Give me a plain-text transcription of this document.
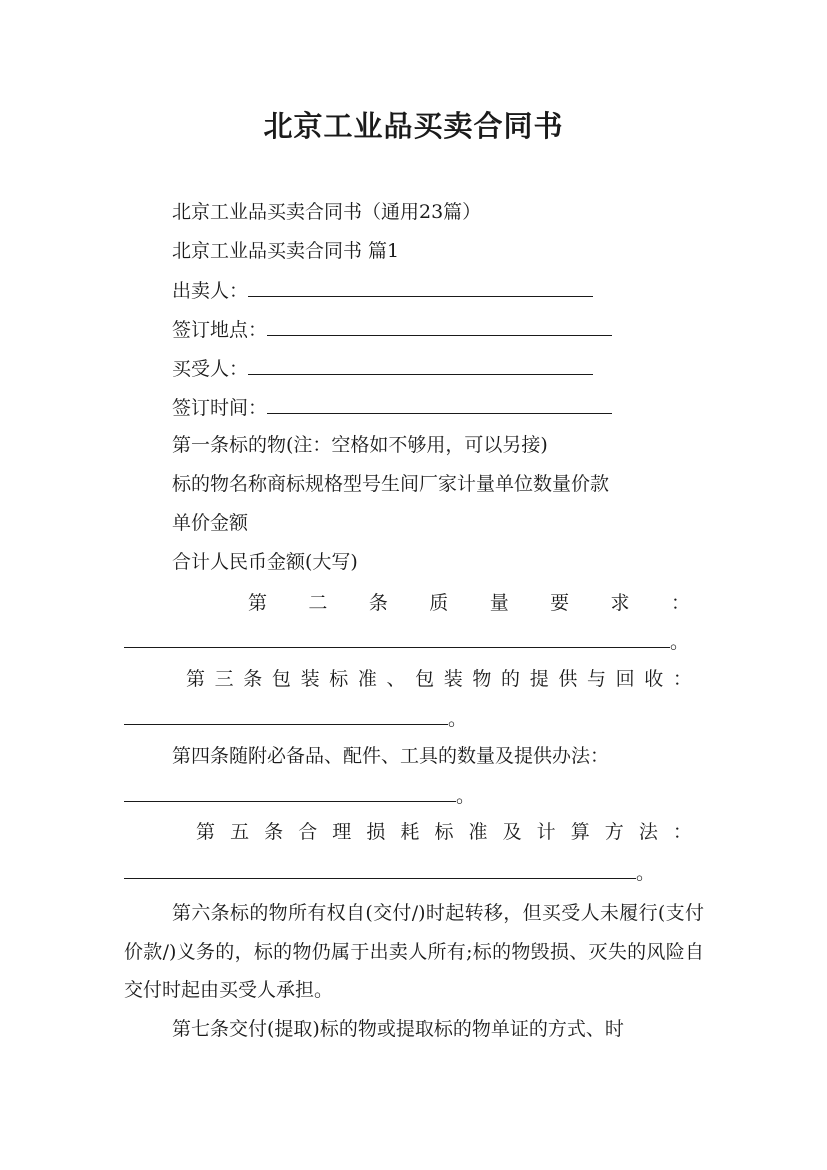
北京工业品买卖合同书
北京工业品买卖合同书（通用23篇）
北京工业品买卖合同书 篇1
出卖人：
签订地点：
买受人：
签订时间：
第一条标的物(注：空格如不够用，可以另接)
标的物名称商标规格型号生间厂家计量单位数量价款
单价金额
合计人民币金额(大写)
第 二 条 质 量 要 求 ：
。
第 三 条 包 装 标 准 、 包 装 物 的 提 供 与 回 收 ：
。
第四条随附必备品、配件、工具的数量及提供办法：
。
第 五 条 合 理 损 耗 标 准 及 计 算 方 法 ：
。
第六条标的物所有权自(交付/)时起转移，但买受人未履行(支付价款/)义务的，标的物仍属于出卖人所有;标的物毁损、灭失的风险自交付时起由买受人承担。
第七条交付(提取)标的物或提取标的物单证的方式、时
